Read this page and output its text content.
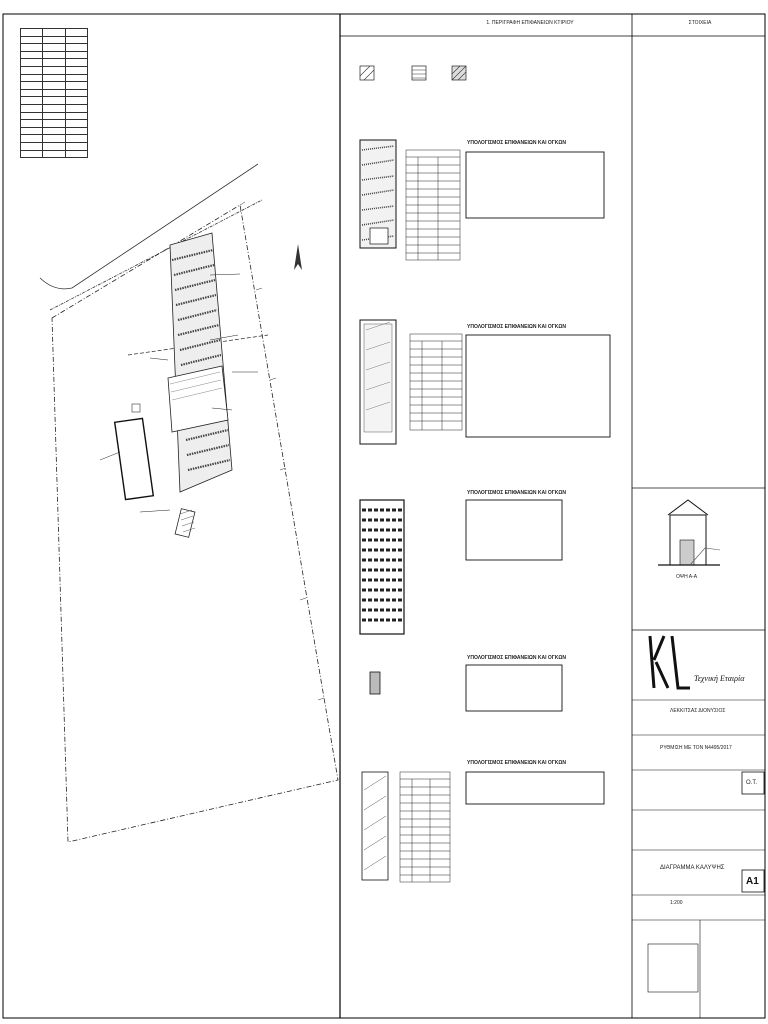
1. ΠΕΡΙΓΡΑΦΗ ΕΠΙΦΑΝΕΙΩΝ ΚΤΙΡΙΟΥ	ΣΤΟΙΧΕΙΑ
ΥΠΟΛΟΓΙΣΜΟΣ ΕΠΙΦΑΝΕΙΩΝ ΚΑΙ ΟΓΚΩΝ
ΥΠΟΛΟΓΙΣΜΟΣ ΕΠΙΦΑΝΕΙΩΝ ΚΑΙ ΟΓΚΩΝ
ΥΠΟΛΟΓΙΣΜΟΣ ΕΠΙΦΑΝΕΙΩΝ ΚΑΙ ΟΓΚΩΝ
ΥΠΟΛΟΓΙΣΜΟΣ ΕΠΙΦΑΝΕΙΩΝ ΚΑΙ ΟΓΚΩΝ
ΥΠΟΛΟΓΙΣΜΟΣ ΕΠΙΦΑΝΕΙΩΝ ΚΑΙ ΟΓΚΩΝ
ΟΨΗ Α-Α
Τεχνική Εταιρία
ΛΕΚΚΙΤΣΑΣ ΔΙΟΝΥΣΙΟΣ
ΡΥΘΜΙΣΗ ΜΕ ΤΟΝ Ν4495/2017
Ο.Τ.
ΔΙΑΓΡΑΜΜΑ ΚΑΛΥΨΗΣ
A1
1:200
